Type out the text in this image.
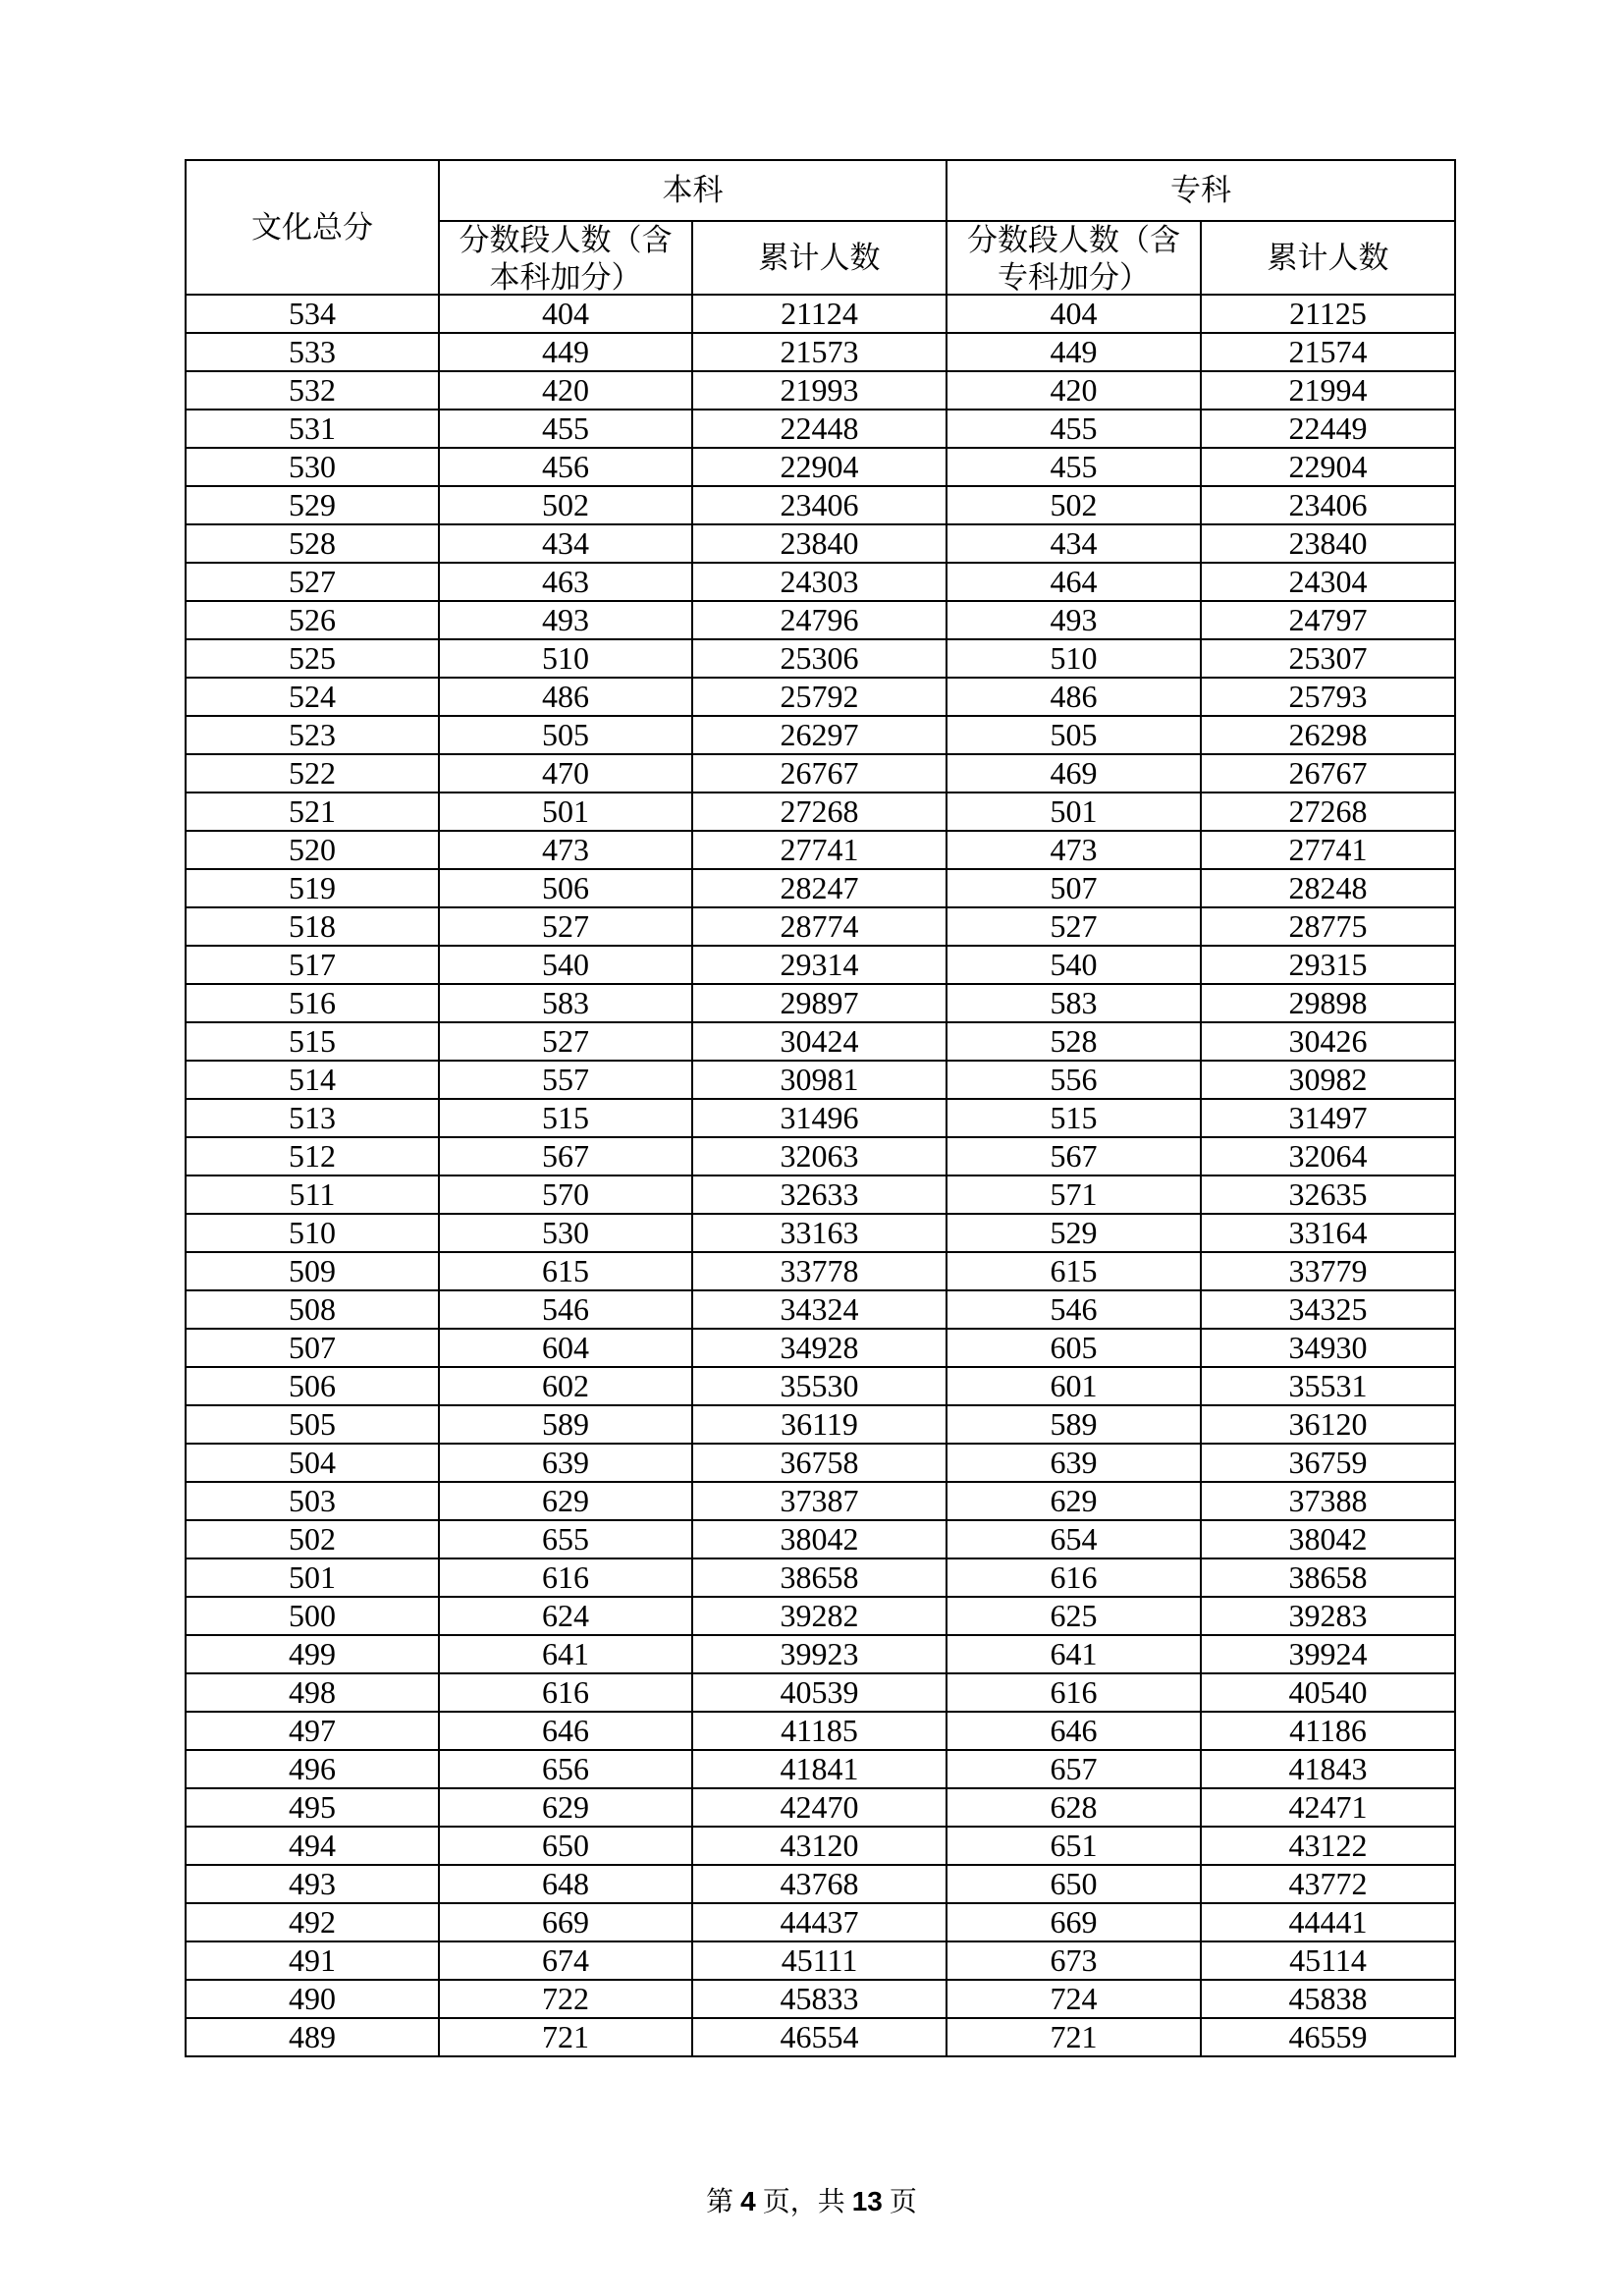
文化总分	本科		专科	

	分数段人数（含本科加分）	累计人数	分数段人数（含专科加分）	累计人数
534	404	21124	404	21125
533	449	21573	449	21574
532	420	21993	420	21994
531	455	22448	455	22449
530	456	22904	455	22904
529	502	23406	502	23406
528	434	23840	434	23840
527	463	24303	464	24304
526	493	24796	493	24797
525	510	25306	510	25307
524	486	25792	486	25793
523	505	26297	505	26298
522	470	26767	469	26767
521	501	27268	501	27268
520	473	27741	473	27741
519	506	28247	507	28248
518	527	28774	527	28775
517	540	29314	540	29315
516	583	29897	583	29898
515	527	30424	528	30426
514	557	30981	556	30982
513	515	31496	515	31497
512	567	32063	567	32064
511	570	32633	571	32635
510	530	33163	529	33164
509	615	33778	615	33779
508	546	34324	546	34325
507	604	34928	605	34930
506	602	35530	601	35531
505	589	36119	589	36120
504	639	36758	639	36759
503	629	37387	629	37388
502	655	38042	654	38042
501	616	38658	616	38658
500	624	39282	625	39283
499	641	39923	641	39924
498	616	40539	616	40540
497	646	41185	646	41186
496	656	41841	657	41843
495	629	42470	628	42471
494	650	43120	651	43122
493	648	43768	650	43772
492	669	44437	669	44441
491	674	45111	673	45114
490	722	45833	724	45838
489	721	46554	721	46559
第 4 页，共 13 页
